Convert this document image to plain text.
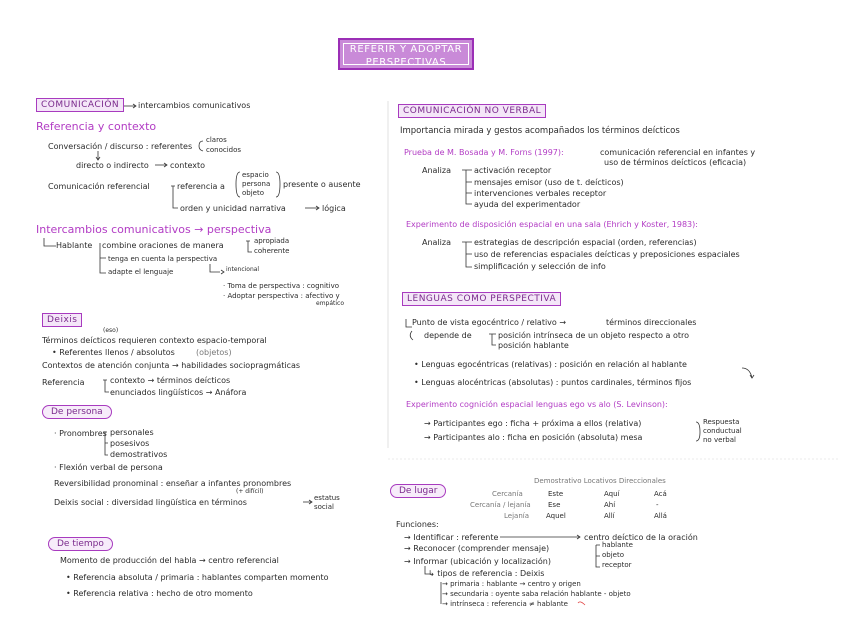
REFERIR Y ADOPTAR
PERSPECTIVAS
COMUNICACIÓN	intercambios comunicativos
Referencia y contexto
Conversación / discurso : referentes
claros
conocidos
directo o indirecto	contexto
Comunicación referencial	referencia a
espacio
persona
objeto
presente o ausente
orden y unicidad narrativa	lógica
Intercambios comunicativos → perspectiva
Hablante combine oraciones de manera	apropiada
coherente
tenga en cuenta la perspectiva
adapte el lenguaje	intencional
· Toma de perspectiva : cognitivo
· Adoptar perspectiva : afectivo y
empático
Deixis
(eso)
Términos deícticos requieren contexto espacio-temporal
• Referentes llenos / absolutos	(objetos)
Contextos de atención conjunta → habilidades sociopragmáticas
Referencia	contexto → términos deícticos
enunciados lingüísticos → Anáfora
De persona
· Pronombres personales
posesivos
demostrativos
· Flexión verbal de persona
Reversibilidad pronominal : enseñar a infantes pronombres
(+ difícil)
Deixis social : diversidad lingüística en términos	estatus
social
De tiempo
Momento de producción del habla → centro referencial
• Referencia absoluta / primaria : hablantes comparten momento
• Referencia relativa : hecho de otro momento
COMUNICACIÓN NO VERBAL
Importancia mirada y gestos acompañados los términos deícticos
Prueba de M. Bosada y M. Forns (1997):	comunicación referencial en infantes y
uso de términos deícticos (eficacia)
Analiza	activación receptor
mensajes emisor (uso de t. deícticos)
intervenciones verbales receptor
ayuda del experimentador
Experimento de disposición espacial en una sala (Ehrich y Koster, 1983):
Analiza	estrategias de descripción espacial (orden, referencias)
uso de referencias espaciales deícticas y preposiciones espaciales
simplificación y selección de info
LENGUAS COMO PERSPECTIVA
Punto de vista egocéntrico / relativo →	términos direccionales
depende de	posición intrínseca de un objeto respecto a otro
posición hablante
• Lenguas egocéntricas (relativas) : posición en relación al hablante
• Lenguas alocéntricas (absolutas) : puntos cardinales, términos fijos
Experimento cognición espacial lenguas ego vs alo (S. Levinson):
→ Participantes ego : ficha + próxima a ellos (relativa)
→ Participantes alo : ficha en posición (absoluta) mesa
Respuesta
conductual
no verbal
De lugar
Demostrativo Locativos Direccionales
Cercanía	Este	Aquí	Acá
Cercanía / lejanía Ese	Ahí	-
Lejanía Aquel	Allí	Allá
Funciones:
→ Identificar : referente	centro deíctico de la oración
→ Reconocer (comprender mensaje)	hablante
objeto
receptor
→ Informar (ubicación y localización)
↳ tipos de referencia : Deixis
→ primaria : hablante → centro y origen
→ secundaria : oyente saba relación hablante - objeto
→ intrínseca : referencia ≠ hablante
